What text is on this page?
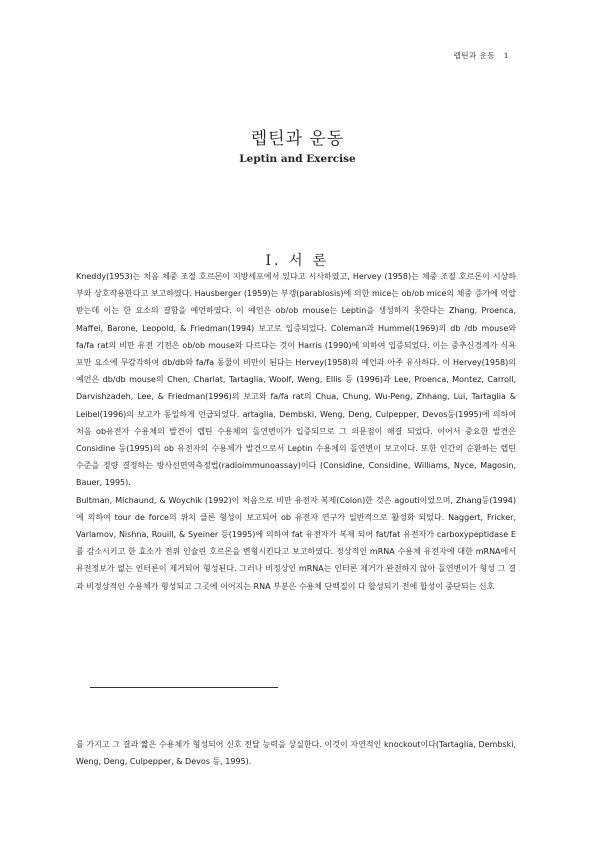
렙틴과 운동 1
렙틴과 운동
Leptin and Exercise
Ⅰ. 서 론

Kneddy(1953)는 처음 체중 조절 호르몬이 지방세포에서 있다고 시사하였고, Hervey (1958)는 체중 조절 호르몬이 시상하부와 상호작용한다고 보고하였다. Hausberger (1959)는 부갱(parabiosis)에 의한 mice는 ob/ob mice의 체중 증가에 억압 받는데 이는 한 요소의 결함을 예언하였다. 이 예언은 ob/ob mouse는 Leptin을 생성하지 못한다는 Zhang, Proenca, Maffei, Barone, Leopold, & Friedman(1994) 보고로 입증되었다. Coleman과 Hummel(1969)의 db /db mouse와 fa/fa rat의 비만 유전 기전은 ob/ob mouse와 다르다는 것이 Harris (1990)에 의하여 입증되었다. 이는 중추신경계가 식욕포만 요소에 무감각하여 db/db와 fa/fa 동물이 비만이 된다는 Hervey(1958)의 예언과 아주 유사하다. 이 Hervey(1958)의 예언은 db/db mouse의 Chen, Charlat, Tartaglia, Woolf, Weng, Ellis 등 (1996)과 Lee, Proenca, Montez, Carroll, Darvishzadeh, Lee, & Friedman(1996)의 보고와 fa/fa rat의 Chua, Chung, Wu-Peng, Zhhang, Lui, Tartaglia & Leibel(1996)의 보고가 동일하게 언급되었다. artaglia, Dembski, Weng, Deng, Culpepper, Devos등(1995)에 의하여 처음 ob유전자 수용체의 발견이 렙틴 수용체의 돌연변이가 입증되므로 그 의문점이 해결 되었다. 이어서 중요한 발견은 Considine 등(1995)의 ob 유전자의 수용체가 발견으로서 Leptin 수용체의 돌연변이 보고이다. 또한 인간의 순환하는 렙틴 수준을 정량 결정하는 방사선면역측정법(radioimmunoassay)이다 (Considine, Considine, Williams, Nyce, Magosin, Bauer, 1995).

Bultman, Michaund, & Woychik (1992)이 처음으로 비만 유전자 복제(Colon)한 것은 agouti이었으며, Zhang등(1994)에 의하여 tour de force의 위치 클론 형성이 보고되어 ob 유전자 연구가 일반적으로 활성화 되었다. Naggert, Fricker, Varlamov, Nishna, Rouill, & Syeiner 등(1995)에 의하여 fat 유전자가 복제 되어 fat/fat 유전자가 carboxypeptidase E를 감소시키고 한 효소가 전위 인슐린 호르몬을 변형시킨다고 보고하였다. 정상적인 mRNA 수용체 유전자에 대한 mRNA에서 유전정보가 없는 인터론이 제거되어 형성된다. 그러나 비정상인 mRNA는 인터론 제거가 완전하지 않아 돌연변이가 형성 그 결과 비정상적인 수용체가 형성되고 그곳에 이어지는 RNA 부분은 수용체 단백질이 다 합성되기 전에 합성이 중단되는 신호

를 가지고 그 결과 짧은 수용체가 형성되어 신호 전달 능력을 상실한다. 이것이 자연적인 knockout이다(Tartaglia, Dembski, Weng, Deng, Culpepper, & Devos 등, 1995).
